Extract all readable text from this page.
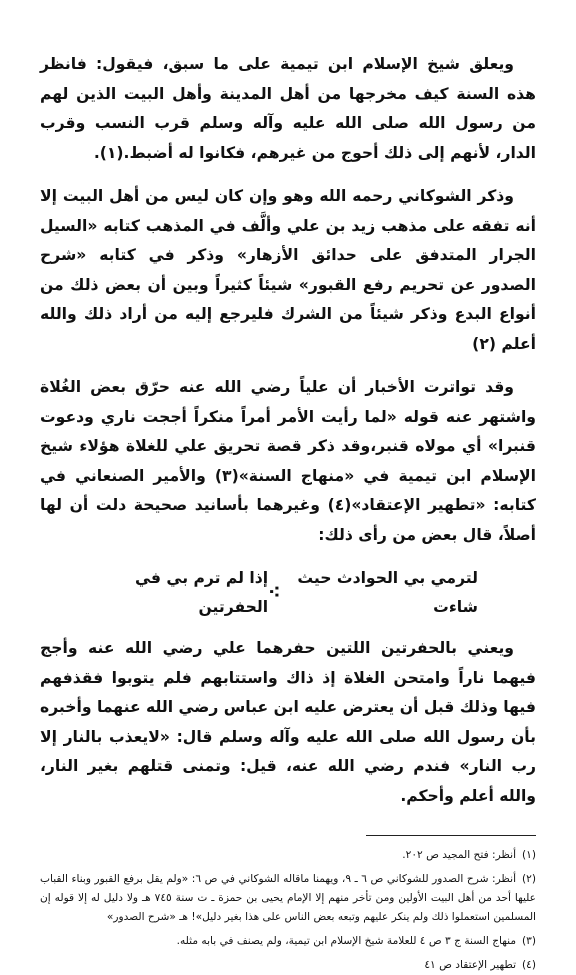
ويعلق شيخ الإسلام ابن تيمية على ما سبق، فيقول: فانظر هذه السنة كيف مخرجها من أهل المدينة وأهل البيت الذين لهم من رسول الله صلى الله عليه وآله وسلم قرب النسب وقرب الدار، لأنهم إلى ذلك أحوج من غيرهم، فكانوا له أضبط.(١).

وذكر الشوكاني رحمه الله وهو وإن كان ليس من أهل البيت إلا أنه تفقه على مذهب زيد بن علي وألَّف في المذهب كتابه «السيل الجرار المتدفق على حدائق الأزهار» وذكر في كتابه «شرح الصدور عن تحريم رفع القبور» شيئاً كثيراً وبين أن بعض ذلك من أنواع البدع وذكر شيئاً من الشرك فليرجع إليه من أراد ذلك والله أعلم (٢)

وقد تواترت الأخبار أن علياً رضي الله عنه حرّق بعض الغُلاة واشتهر عنه قوله «لما رأيت الأمر أمراً منكراً أججت ناري ودعوت قنبرا» أي مولاه قنبر،وقد ذكر قصة تحريق علي للغلاة هؤلاء شيخ الإسلام ابن تيمية في «منهاج السنة»(٣) والأمير الصنعاني في كتابه: «تطهير الإعتقاد»(٤) وغيرهما بأسانيد صحيحة دلت أن لها أصلاً، قال بعض من رأى ذلك:

لترمي بي الحوادث حيث شاءت
⁖
إذا لم ترم بي في الحفرتين

ويعني بالحفرتين اللتين حفرهما علي رضي الله عنه وأجج فيهما ناراً وامتحن الغلاة إذ ذاك واستتابهم فلم يتوبوا فقذفهم فيها وذلك قبل أن يعترض عليه ابن عباس رضي الله عنهما وأخبره بأن رسول الله صلى الله عليه وآله وسلم قال: «لايعذب بالنار إلا رب النار» فندم رضي الله عنه، قيل: وتمنى قتلهم بغير النار، والله أعلم وأحكم.

(١)أنظر: فتح المجيد ص ٢٠٢.

(٢)أنظر: شرح الصدور للشوكاني ص ٦ ـ ٩، ويهمنا ماقاله الشوكاني في ص ٦: «ولم يقل برفع القبور وبناء القباب عليها أحد من أهل البيت الأولين ومن تأخر منهم إلا الإمام يحيى بن حمزة ـ ت سنة ٧٤٥ هـ ولا دليل له إلا قوله إن المسلمين استعملوا ذلك ولم ينكر عليهم وتبعه بعض الناس على هذا بغير دليل»! هـ «شرح الصدور»

(٣)منهاج السنة ج ٣ ص ٤ للعلامة شيخ الإسلام ابن تيمية، ولم يصنف في بابه مثله.

(٤)تطهير الإعتقاد ص ٤١
